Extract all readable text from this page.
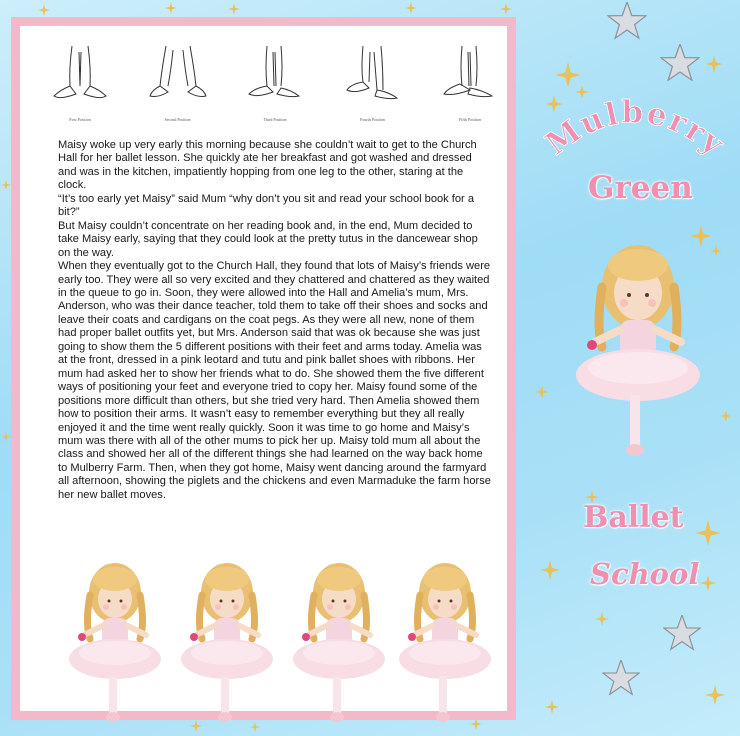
Mulberry
Green
Ballet
School
First Position	Second Position	Third Position	Fourth Position	Fifth Position

Maisy woke up very early this morning because she couldn’t wait to get to the Church Hall for her ballet lesson. She quickly ate her breakfast and got washed and dressed and was in the kitchen, impatiently hopping from one leg to the other, staring at the clock.

“It’s too early yet Maisy” said Mum “why don’t you sit and read your school book for a bit?”

But Maisy couldn’t concentrate on her reading book and, in the end, Mum decided to take Maisy early, saying that they could look at the pretty tutus in the dancewear shop on the way.

When they eventually got to the Church Hall, they found that lots of Maisy’s friends were early too. They were all so very excited and they chattered and chattered as they waited in the queue to go in. Soon, they were allowed into the Hall and Amelia’s mum, Mrs. Anderson, who was their dance teacher, told them to take off their shoes and socks and leave their coats and cardigans on the coat pegs. As they were all new, none of them had proper ballet outfits yet, but Mrs. Anderson said that was ok because she was just going to show them the 5 different positions with their feet and arms today. Amelia was at the front, dressed in a pink leotard and tutu and pink ballet shoes with ribbons. Her mum had asked her to show her friends what to do. She showed them the five different ways of positioning your feet and everyone tried to copy her. Maisy found some of the positions more difficult than others, but she tried very hard. Then Amelia showed them how to position their arms. It wasn’t easy to remember everything but they all really enjoyed it and the time went really quickly. Soon it was time to go home and Maisy’s mum was there with all of the other mums to pick her up. Maisy told mum all about the class and showed her all of the different things she had learned on the way back home to Mulberry Farm. Then, when they got home, Maisy went dancing around the farmyard all afternoon, showing the piglets and the chickens and even Marmaduke the farm horse her new ballet moves.
